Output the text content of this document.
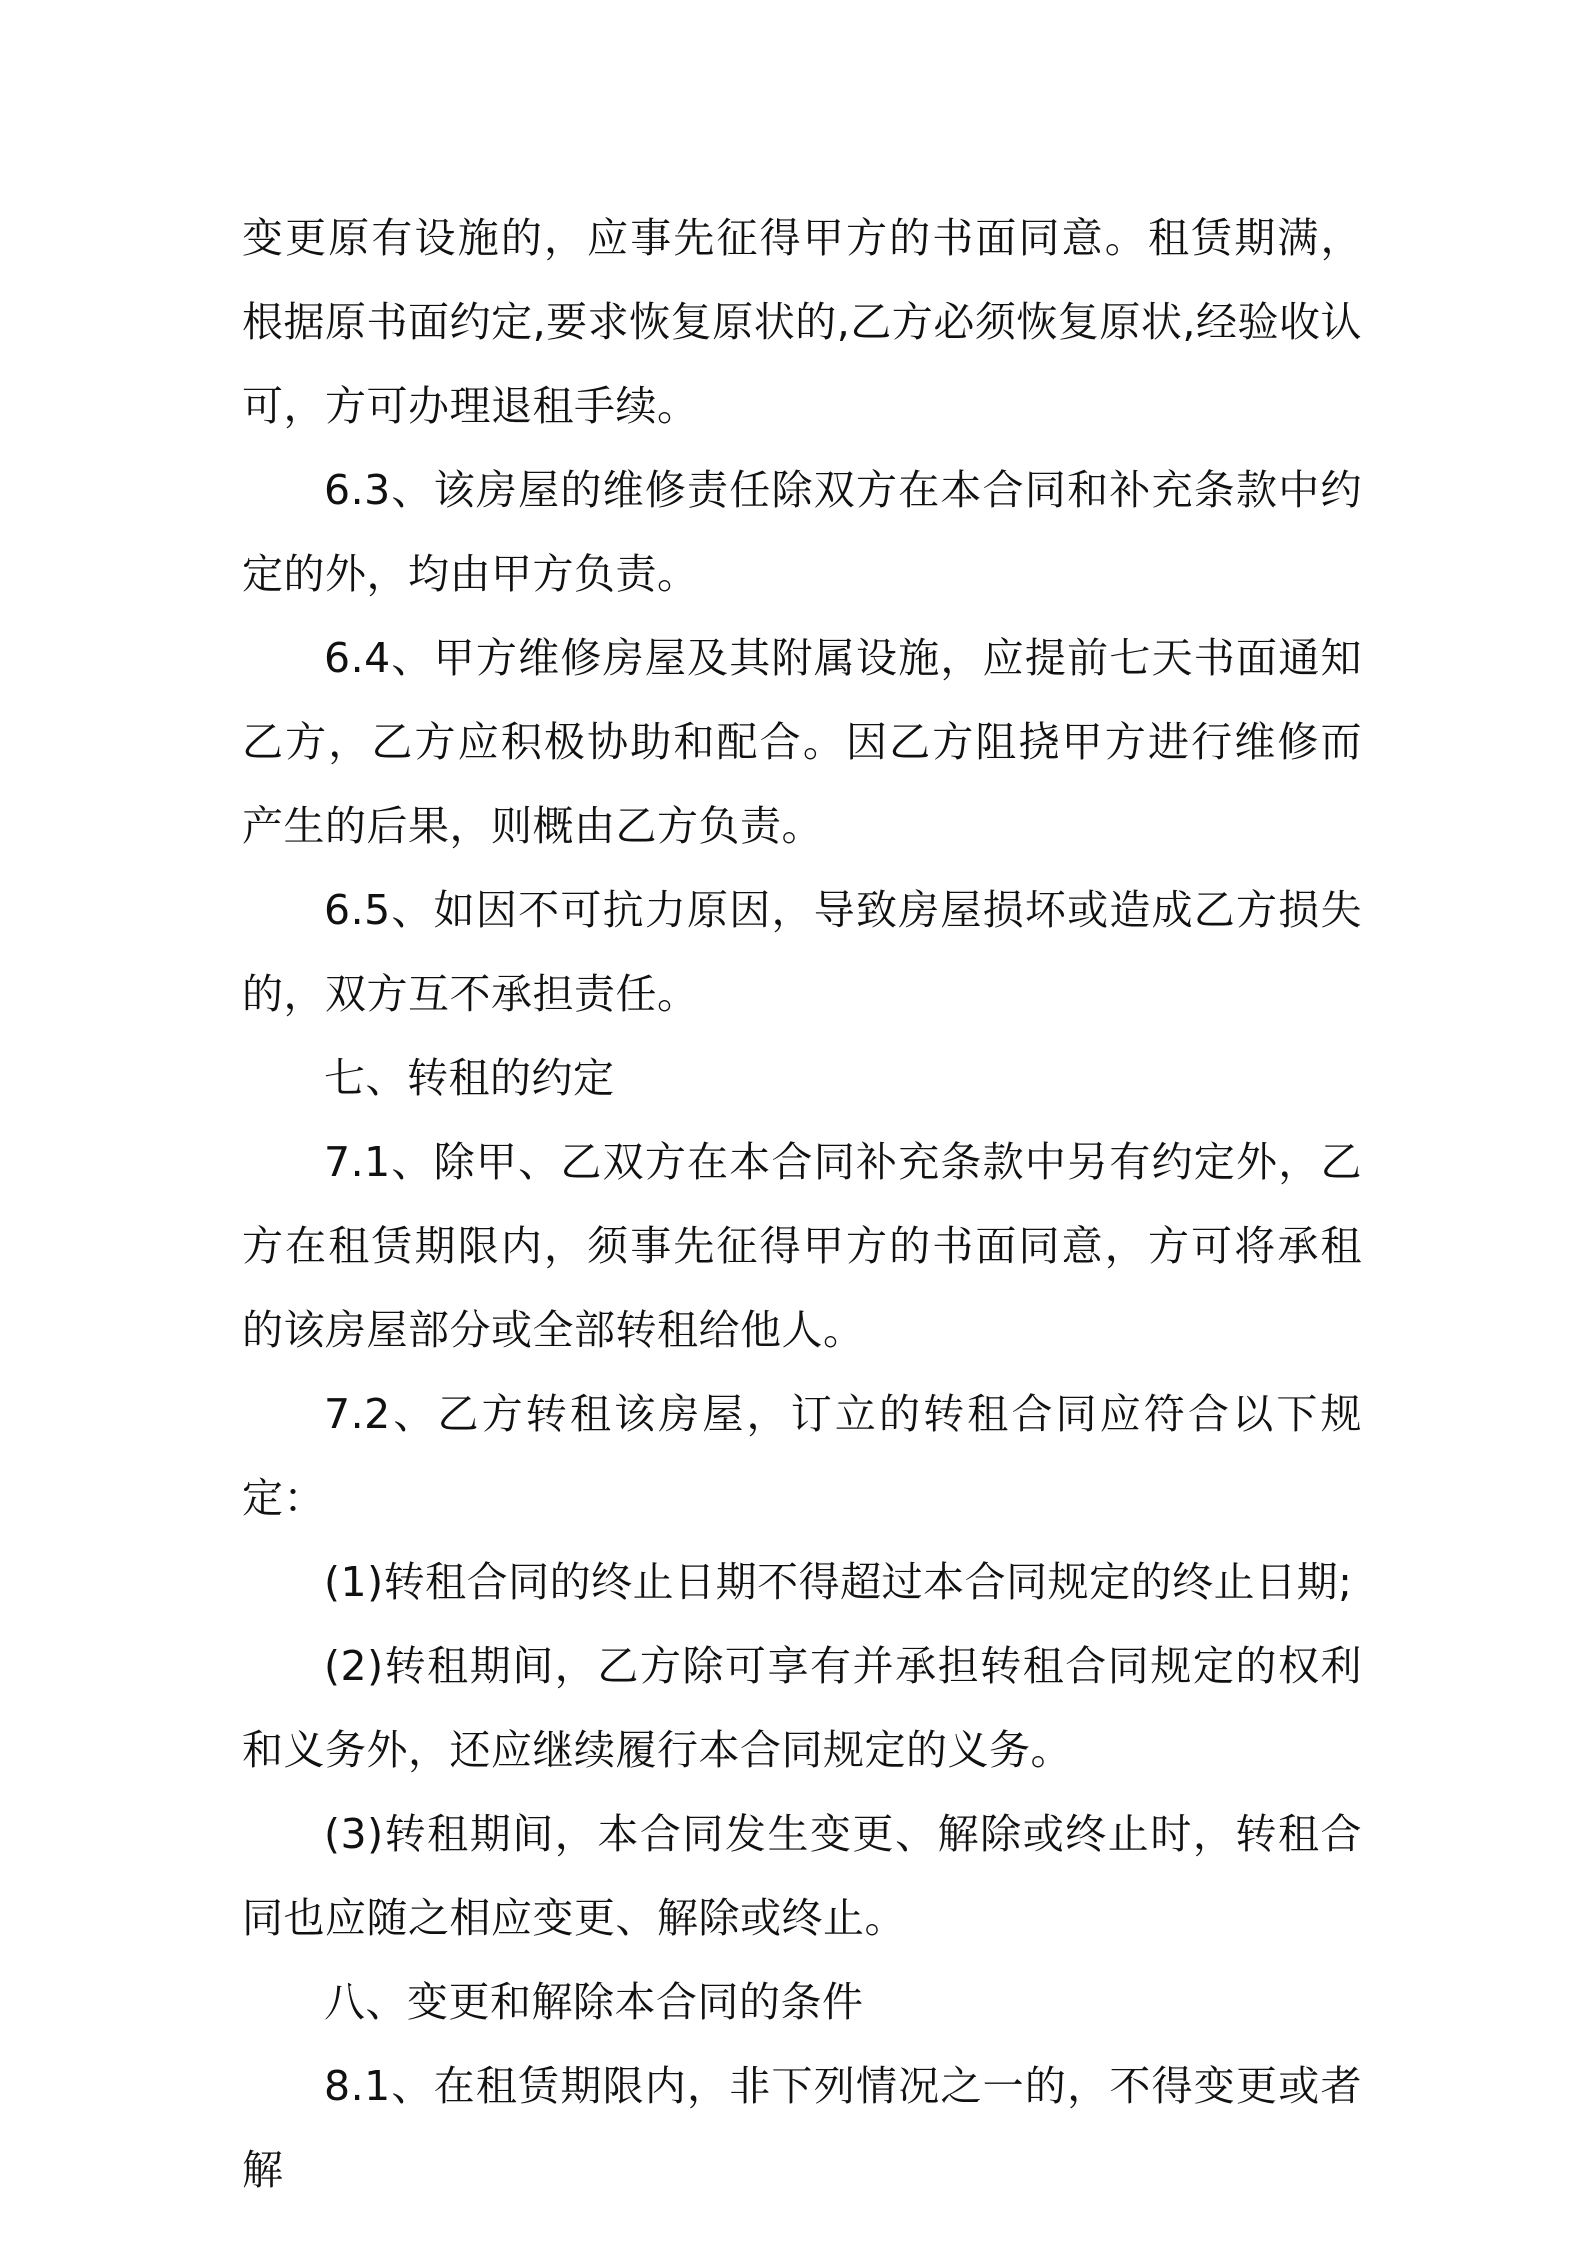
变更原有设施的，应事先征得甲方的书面同意。租赁期满，根据原书面约定,要求恢复原状的,乙方必须恢复原状,经验收认可，方可办理退租手续。

6.3、该房屋的维修责任除双方在本合同和补充条款中约定的外，均由甲方负责。

6.4、甲方维修房屋及其附属设施，应提前七天书面通知乙方，乙方应积极协助和配合。因乙方阻挠甲方进行维修而产生的后果，则概由乙方负责。

6.5、如因不可抗力原因，导致房屋损坏或造成乙方损失的，双方互不承担责任。

七、转租的约定

7.1、除甲、乙双方在本合同补充条款中另有约定外，乙方在租赁期限内，须事先征得甲方的书面同意，方可将承租的该房屋部分或全部转租给他人。

7.2、乙方转租该房屋，订立的转租合同应符合以下规定：

(1)转租合同的终止日期不得超过本合同规定的终止日期;

(2)转租期间，乙方除可享有并承担转租合同规定的权利和义务外，还应继续履行本合同规定的义务。

(3)转租期间，本合同发生变更、解除或终止时，转租合同也应随之相应变更、解除或终止。

八、变更和解除本合同的条件

8.1、在租赁期限内，非下列情况之一的，不得变更或者解
